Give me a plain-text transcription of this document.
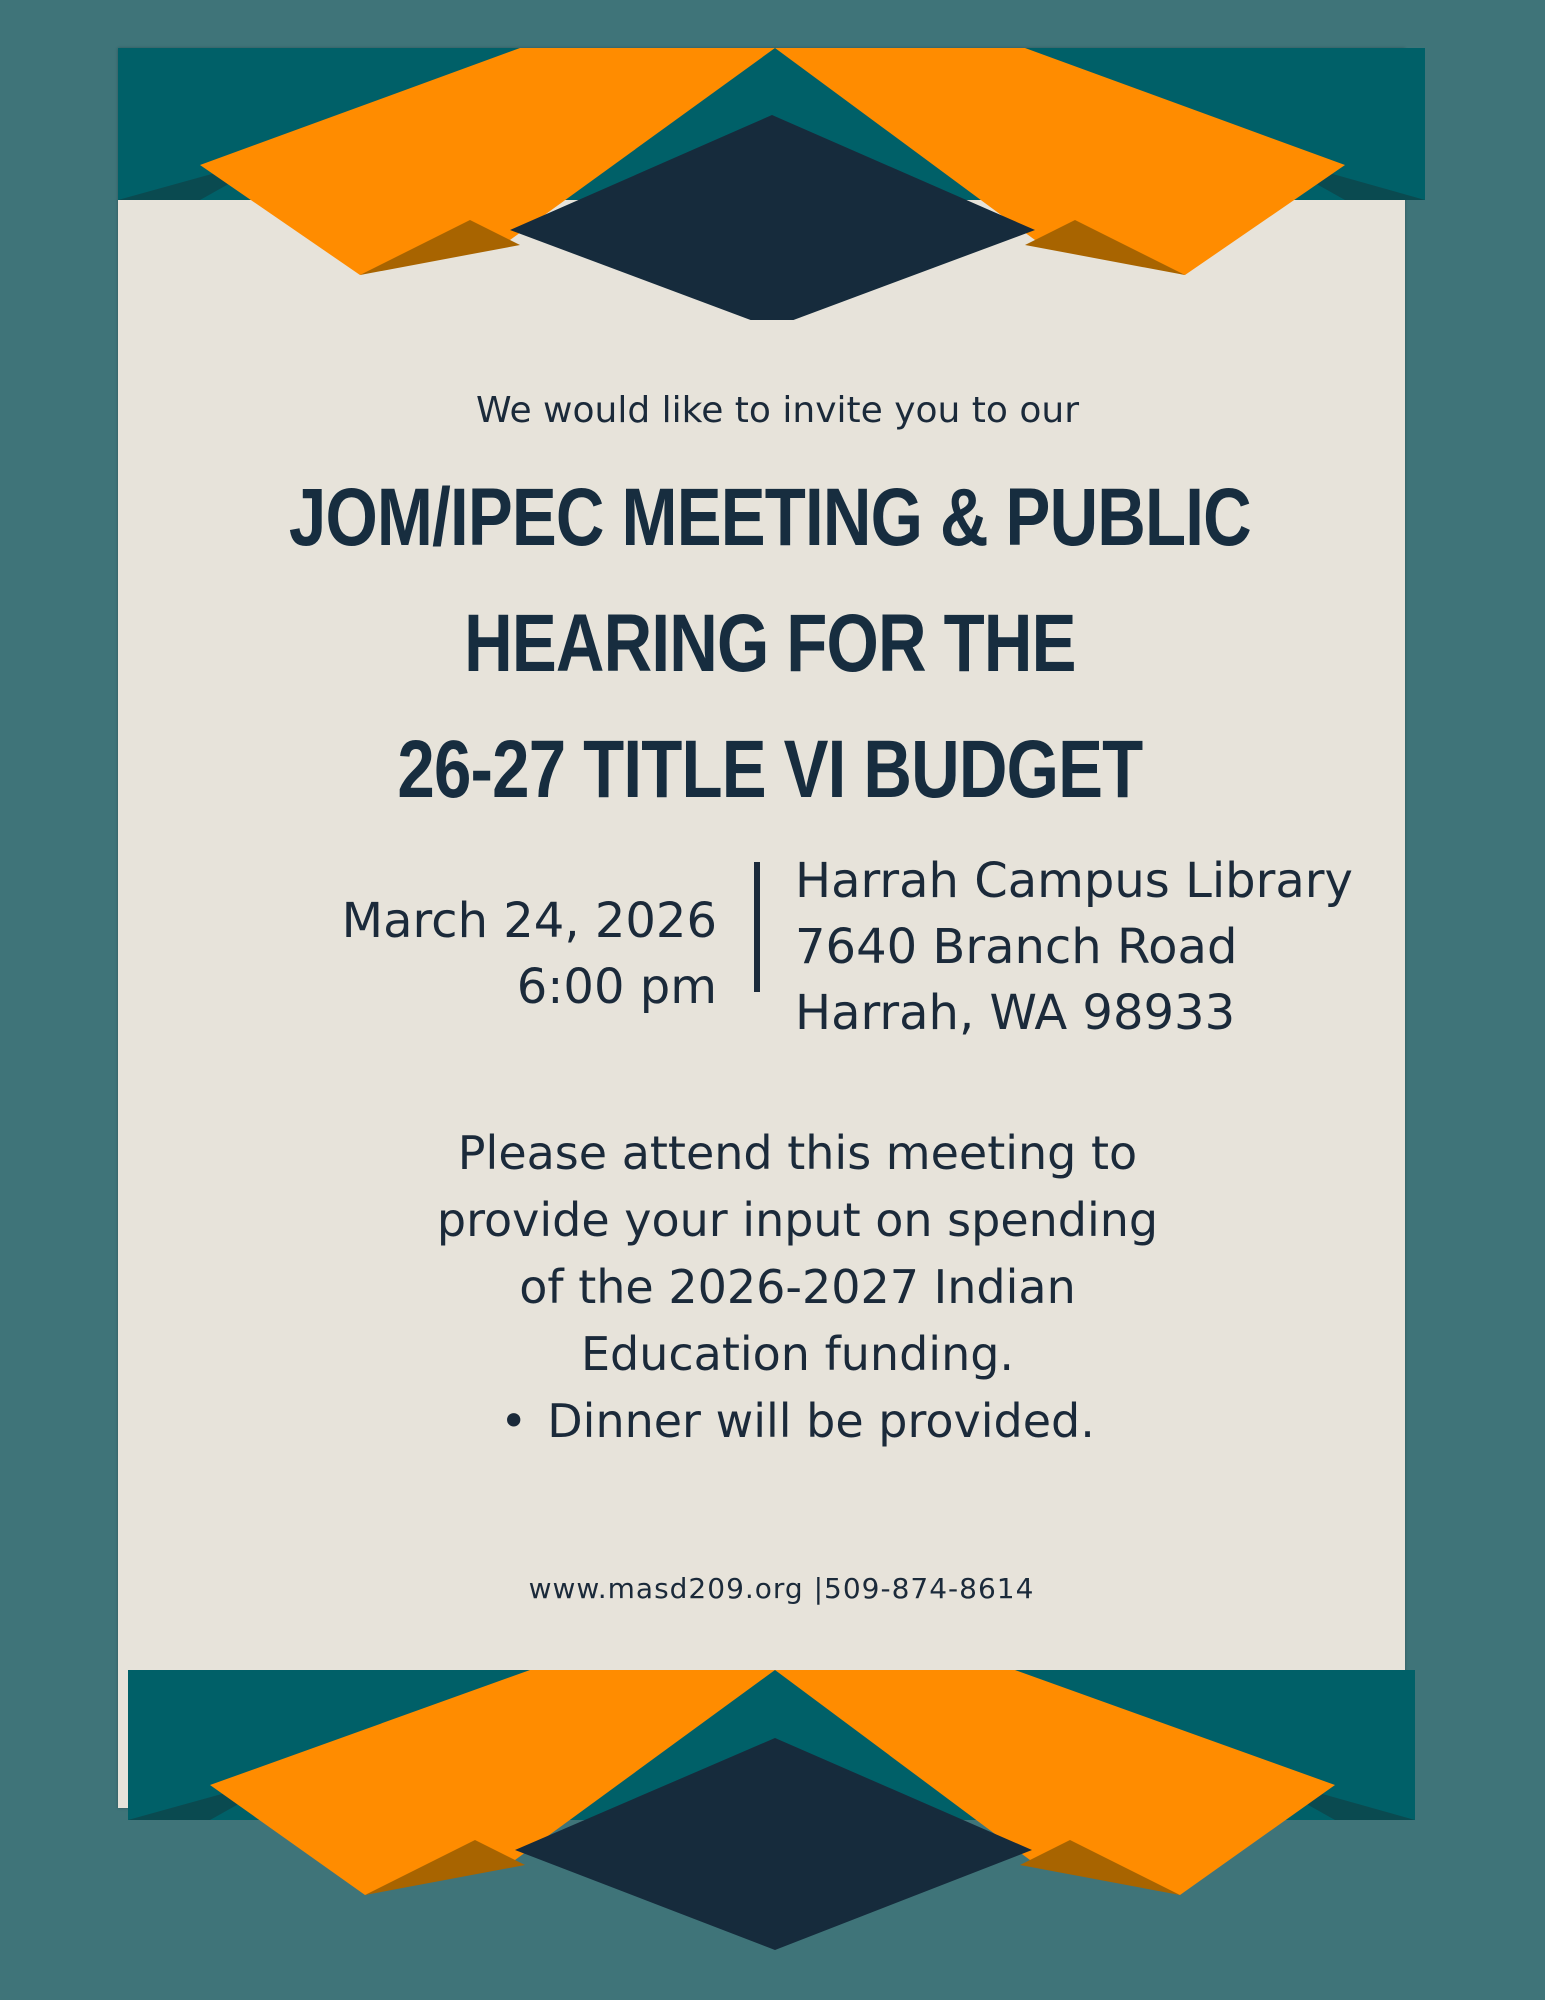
We would like to invite you to our
JOM/IPEC MEETING & PUBLIC
HEARING FOR THE
26-27 TITLE VI BUDGET
March 24, 2026
6:00 pm
Harrah Campus Library
7640 Branch Road
Harrah, WA 98933
Please attend this meeting to
provide your input on spending
of the 2026-2027 Indian
Education funding.
• Dinner will be provided.
www.masd209.org |509-874-8614
